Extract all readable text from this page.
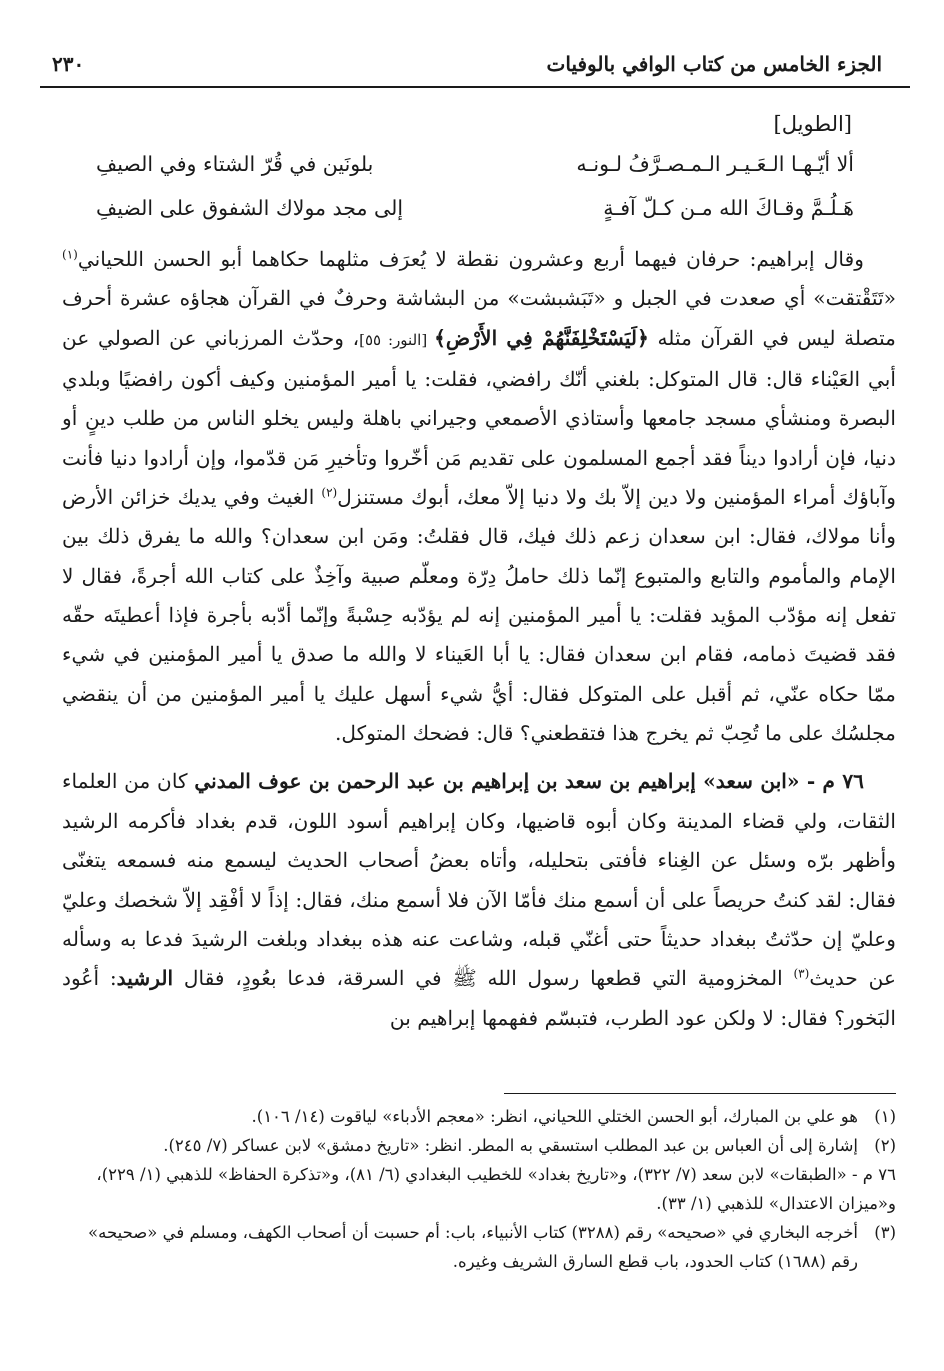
الجزء الخامس من كتاب الوافي بالوفيات
٢٣٠
[الطويل]
ألا أيّـهـا الـعَـيـر الـمـصـرَّفُ لـونـه
بلونَين في قُرّ الشتاء وفي الصيفِ
هَـلُـمَّ وقـاكَ الله مـن كـلّ آفـةٍ
إلى مجد مولاك الشفوق على الضيفِ

وقال إبراهيم: حرفان فيهما أربع وعشرون نقطة لا يُعرَف مثلهما حكاهما أبو الحسن اللحياني$^{(١)}$ «تَتَقْتقت» أي صعدت في الجبل و «تَبَشبشت» من البشاشة وحرفٌ في القرآن هجاؤه عشرة أحرف متصلة ليس في القرآن مثله ﴿لَيَسْتَخْلِفَنَّهُمْ فِي الأَرْضِ﴾ [النور: ٥٥]، وحدّث المرزباني عن الصولي عن أبي العَيْناء قال: قال المتوكل: بلغني أنّك رافضي، فقلت: يا أمير المؤمنين وكيف أكون رافضيًا وبلدي البصرة ومنشأي مسجد جامعها وأستاذي الأصمعي وجيراني باهلة وليس يخلو الناس من طلب دينٍ أو دنيا، فإن أرادوا ديناً فقد أجمع المسلمون على تقديم مَن أخّروا وتأخيرِ مَن قدّموا، وإن أرادوا دنيا فأنت وآباؤك أمراء المؤمنين ولا دين إلاّ بك ولا دنيا إلاّ معك، أبوك مستنزل$^{(٢)}$ الغيث وفي يديك خزائن الأرض وأنا مولاك، فقال: ابن سعدان زعم ذلك فيك، قال فقلتُ: ومَن ابن سعدان؟ والله ما يفرق ذلك بين الإمام والمأموم والتابع والمتبوع إنّما ذلك حاملُ دِرّة ومعلّم صبية وآخِذٌ على كتاب الله أجرةً، فقال لا تفعل إنه مؤدّب المؤيد فقلت: يا أمير المؤمنين إنه لم يؤدّبه حِسْبةً وإنّما أدّبه بأجرة فإذا أعطيتَه حقّه فقد قضيتَ ذمامه، فقام ابن سعدان فقال: يا أبا العَيناء لا والله ما صدق يا أمير المؤمنين في شيء ممّا حكاه عنّي، ثم أقبل على المتوكل فقال: أيُّ شيء أسهل عليك يا أمير المؤمنين من أن ينقضي مجلسُك على ما تُحِبّ ثم يخرج هذا فتقطعني؟ قال: فضحك المتوكل.

٧٦ م - «ابن سعد» إبراهيم بن سعد بن إبراهيم بن عبد الرحمن بن عوف المدني كان من العلماء الثقات، ولي قضاء المدينة وكان أبوه قاضيها، وكان إبراهيم أسود اللون، قدم بغداد فأكرمه الرشيد وأظهر برّه وسئل عن الغِناء فأفتى بتحليله، وأتاه بعضُ أصحاب الحديث ليسمع منه فسمعه يتغنّى فقال: لقد كنتُ حريصاً على أن أسمع منك فأمّا الآن فلا أسمع منك، فقال: إذاً لا أفْقِد إلاّ شخصك وعليّ وعليّ إن حدّثتُ ببغداد حديثاً حتى أغنّي قبله، وشاعت عنه هذه ببغداد وبلغت الرشيدَ فدعا به وسأله عن حديث$^{(٣)}$ المخزومية التي قطعها رسول الله ﷺ في السرقة، فدعا بعُودٍ، فقال الرشيد: أعُود البَخور؟ فقال: لا ولكن عود الطرب، فتبسّم ففهمها إبراهيم بن

(١)
هو علي بن المبارك، أبو الحسن الختلي اللحياني، انظر: «معجم الأدباء» لياقوت (١٤/ ١٠٦).

(٢)
إشارة إلى أن العباس بن عبد المطلب استسقي به المطر. انظر: «تاريخ دمشق» لابن عساكر (٧/ ٢٤٥).

٧٦ م - «الطبقات» لابن سعد (٧/ ٣٢٢)، و«تاريخ بغداد» للخطيب البغدادي (٦/ ٨١)، و«تذكرة الحفاظ» للذهبي (١/ ٢٢٩)، و«ميزان الاعتدال» للذهبي (١/ ٣٣).

(٣)
أخرجه البخاري في «صحيحه» رقم (٣٢٨٨) كتاب الأنبياء، باب: أم حسبت أن أصحاب الكهف، ومسلم في «صحيحه» رقم (١٦٨٨) كتاب الحدود، باب قطع السارق الشريف وغيره.
